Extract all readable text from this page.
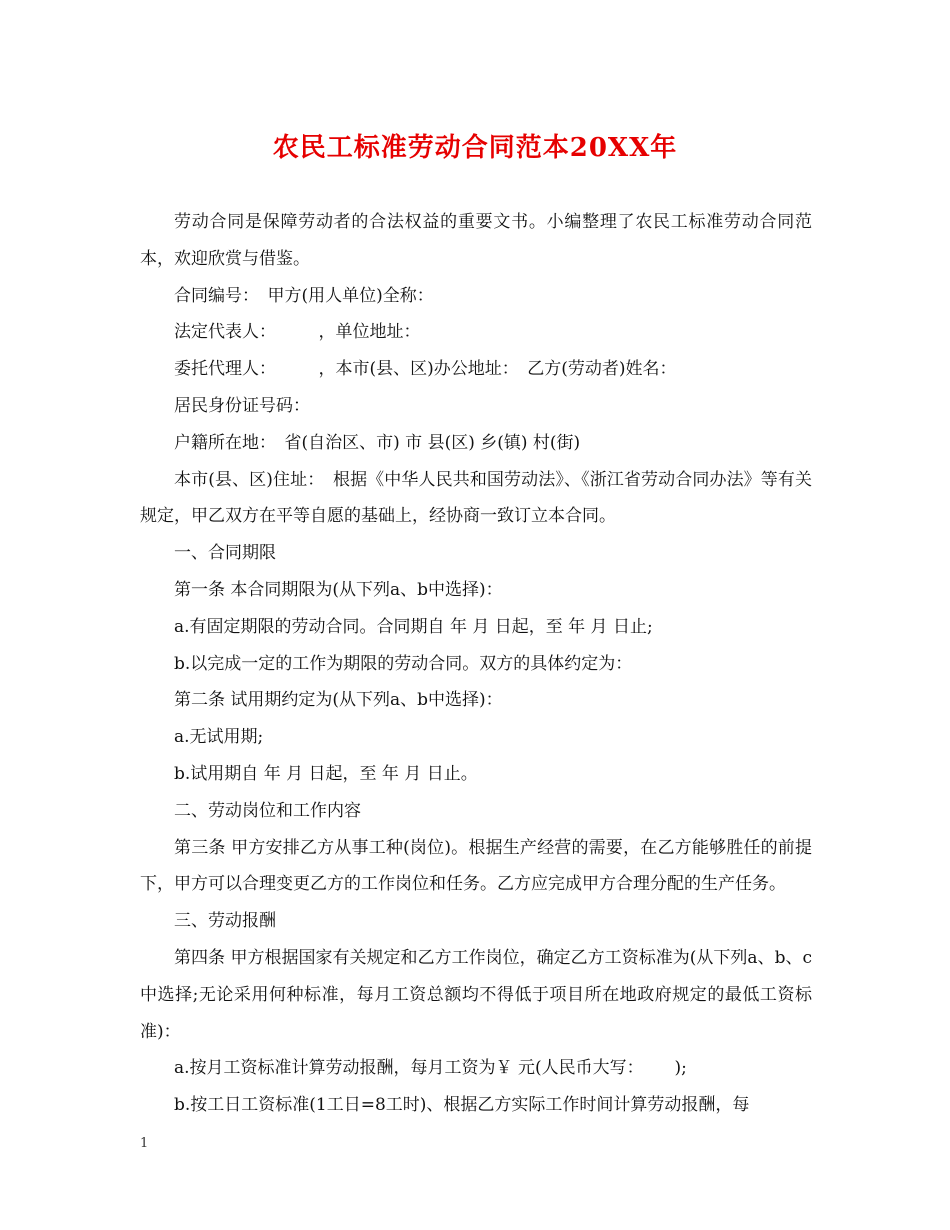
农民工标准劳动合同范本20XX年

劳动合同是保障劳动者的合法权益的重要文书。小编整理了农民工标准劳动合同范本，欢迎欣赏与借鉴。

合同编号：　甲方(用人单位)全称：

法定代表人：　　　，单位地址：

委托代理人：　　　，本市(县、区)办公地址：　乙方(劳动者)姓名：

居民身份证号码：

户籍所在地：　省(自治区、市) 市 县(区) 乡(镇) 村(街)

本市(县、区)住址：　根据《中华人民共和国劳动法》、《浙江省劳动合同办法》等有关规定，甲乙双方在平等自愿的基础上，经协商一致订立本合同。

一、合同期限

第一条 本合同期限为(从下列a、b中选择)：

a.有固定期限的劳动合同。合同期自 年 月 日起，至 年 月 日止;

b.以完成一定的工作为期限的劳动合同。双方的具体约定为：

第二条 试用期约定为(从下列a、b中选择)：

a.无试用期;

b.试用期自 年 月 日起，至 年 月 日止。

二、劳动岗位和工作内容

第三条 甲方安排乙方从事工种(岗位)。根据生产经营的需要，在乙方能够胜任的前提下，甲方可以合理变更乙方的工作岗位和任务。乙方应完成甲方合理分配的生产任务。

三、劳动报酬

第四条 甲方根据国家有关规定和乙方工作岗位，确定乙方工资标准为(从下列a、b、c中选择;无论采用何种标准，每月工资总额均不得低于项目所在地政府规定的最低工资标准)：

a.按月工资标准计算劳动报酬，每月工资为￥ 元(人民币大写：　　 );

b.按工日工资标准(1工日=8工时)、根据乙方实际工作时间计算劳动报酬，每

1
